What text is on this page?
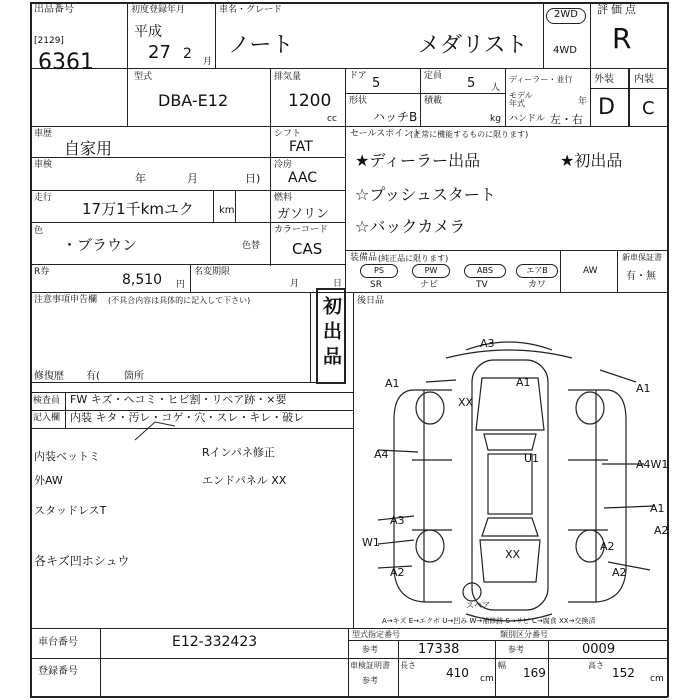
出品番号
[2129]
6361
初度登録年月
平成
27 2 月
車名・グレード
ノート	メダリスト
2WD
4WD
評価点
R
外装 内装
D C
型式
DBA-E12
排気量
1200
cc
ドア 5	定員 5 人
ディーラー・並行
モデル年式	年
形状
ハッチB
積載
kg ハンドル 左・右
車歴
自家用
車検
年	月	日)
走行
17万1千kmユク	km
色
・ブラウン	色替
シフト
FAT
冷房
AAC
燃料
ガソリン
カラーコード
CAS
R券	8,510 円
名変期限
月	日
注意事項申告欄 (不具合内容は具体的に記入して下さい)	初出品
修復歴 有( 箇所
検査員
記入欄
FW キズ・ヘコミ・ヒビ割・リペア跡・×要
内装 キタ・汚レ・コゲ・穴・スレ・キレ・破レ
内装ベットミ
外AW
スタッドレスT
各キズ凹ホシュウ
Rインパネ修正
エンドパネル XX
セールスポイント
(正常に機能するものに限ります)
★ディーラー出品	★初出品
☆プッシュスタート
☆バックカメラ
装備品 (純正品に限ります)
PS	PW	ABS	エアB	AW
SR	ナビ	TV	カワ
新車保証書
有・無
後日品
A3
A1
XX
A1	A1
A4	U1	A4W1
A3
W1
A2
XX
A2
A1
A2
A2
スペア
A→キズ E→エクボ U→凹み W→補修跡 S→サビ C→腐食 XX→交換済
車台番号	E12-332423
登録番号
型式指定番号
参考	17338
類別区分番号
参考	0009
車検証明書
参考
長さ
410 cm
幅
169
高さ
152 cm
